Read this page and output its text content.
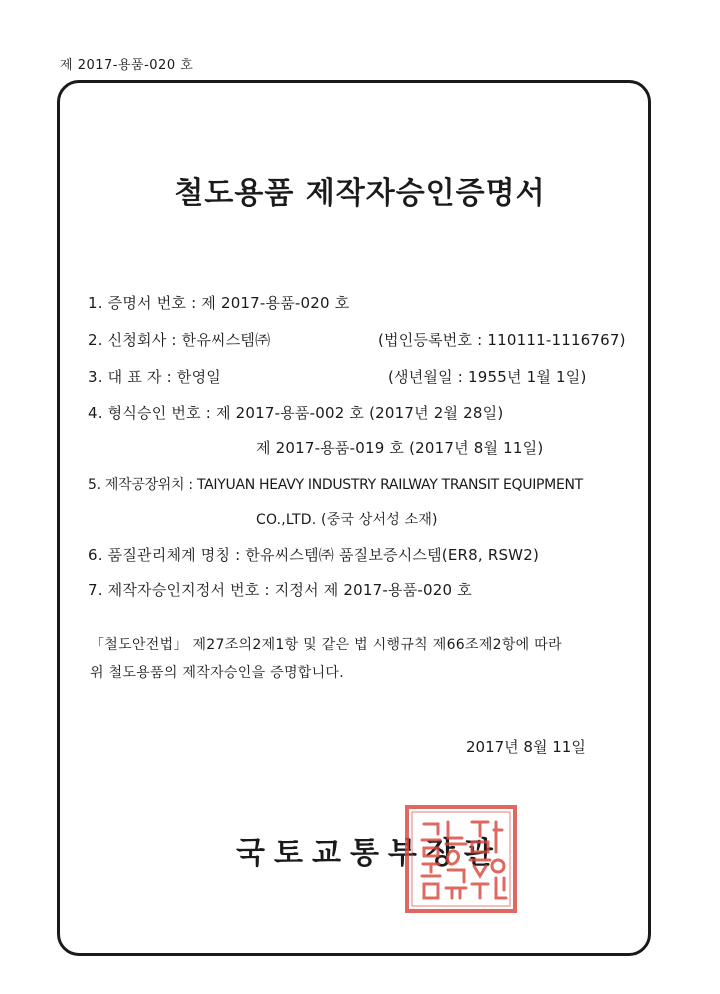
제 2017-용품-020 호
철도용품 제작자승인증명서
1. 증명서 번호 : 제 2017-용품-020 호
2. 신청회사 : 한유씨스템㈜	(법인등록번호 : 110111-1116767)
3. 대 표 자 : 한영일	(생년월일 : 1955년 1월 1일)
4. 형식승인 번호 : 제 2017-용품-002 호 (2017년 2월 28일)
제 2017-용품-019 호 (2017년 8월 11일)
5. 제작공장위치 : TAIYUAN HEAVY INDUSTRY RAILWAY TRANSIT EQUIPMENT
CO.,LTD. (중국 상서성 소재)
6. 품질관리체계 명칭 : 한유씨스템㈜ 품질보증시스템(ER8, RSW2)
7. 제작자승인지정서 번호 : 지정서 제 2017-용품-020 호
「철도안전법」 제27조의2제1항 및 같은 법 시행규칙 제66조제2항에 따라
위 철도용품의 제작자승인을 증명합니다.
2017년 8월 11일
국토교통부장관
